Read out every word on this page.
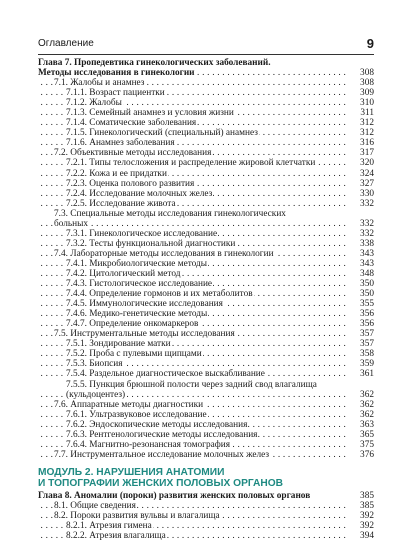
Оглавление	9
Глава 7. Пропедевтика гинекологических заболеваний.
Методы исследования в гинекологии	308
. . .
7.1. Жалобы и анамнез	308
. . .
7.1.1. Возраст пациентки	309
. . .
7.1.2. Жалобы	310
. . .
7.1.3. Семейный анамнез и условия жизни	311
. . .
7.1.4. Соматические заболевания	312
. . .
7.1.5. Гинекологический (специальный) анамнез	312
. . .
7.1.6. Анамнез заболевания	316
. . .
7.2. Объективные методы исследования	317
. . .
7.2.1. Типы телосложения и распределение жировой клетчатки	320
. . .
7.2.2. Кожа и ее придатки	324
. . .
7.2.3. Оценка полового развития	327
. . .
7.2.4. Исследование молочных желез	330
. . .
7.2.5. Исследование живота	332
. . .
7.3. Специальные методы исследования гинекологических
больных	332
. . .
7.3.1. Гинекологическое исследование	332
. . .
7.3.2. Тесты функциональной диагностики	338
. . .
7.4. Лабораторные методы исследования в гинекологии	343
. . .
7.4.1. Микробиологические методы	343
. . .
7.4.2. Цитологический метод	348
. . .
7.4.3. Гистологическое исследование	350
. . .
7.4.4. Определение гормонов и их метаболитов	350
. . .
7.4.5. Иммунологические исследования	355
. . .
7.4.6. Медико-генетические методы	356
. . .
7.4.7. Определение онкомаркеров	356
. . .
7.5. Инструментальные методы исследования	357
. . .
7.5.1. Зондирование матки	357
. . .
7.5.2. Проба с пулевыми щипцами	358
. . .
7.5.3. Биопсия	359
. . .
7.5.4. Раздельное диагностическое выскабливание	361
. . .
7.5.5. Пункция брюшной полости через задний свод влагалища
(кульдоцентез)	362
. . .
7.6. Аппаратные методы диагностики	362
. . .
7.6.1. Ультразвуковое исследование	362
. . .
7.6.2. Эндоскопические методы исследования	363
. . .
7.6.3. Рентгенологические методы исследования	365
. . .
7.6.4. Магнитно-резонансная томография	375
. . .
7.7. Инструментальное исследование молочных желез	376
. . .
МОДУЛЬ 2. НАРУШЕНИЯ АНАТОМИИ
И ТОПОГРАФИИ ЖЕНСКИХ ПОЛОВЫХ ОРГАНОВ
Глава 8. Аномалии (пороки) развития женских половых органов	385
8.1. Общие сведения	385
. . .
8.2. Пороки развития вульвы и влагалища	392
. . .
8.2.1. Атрезия гимена	392
. . .
8.2.2. Атрезия влагалища	394
. . .
